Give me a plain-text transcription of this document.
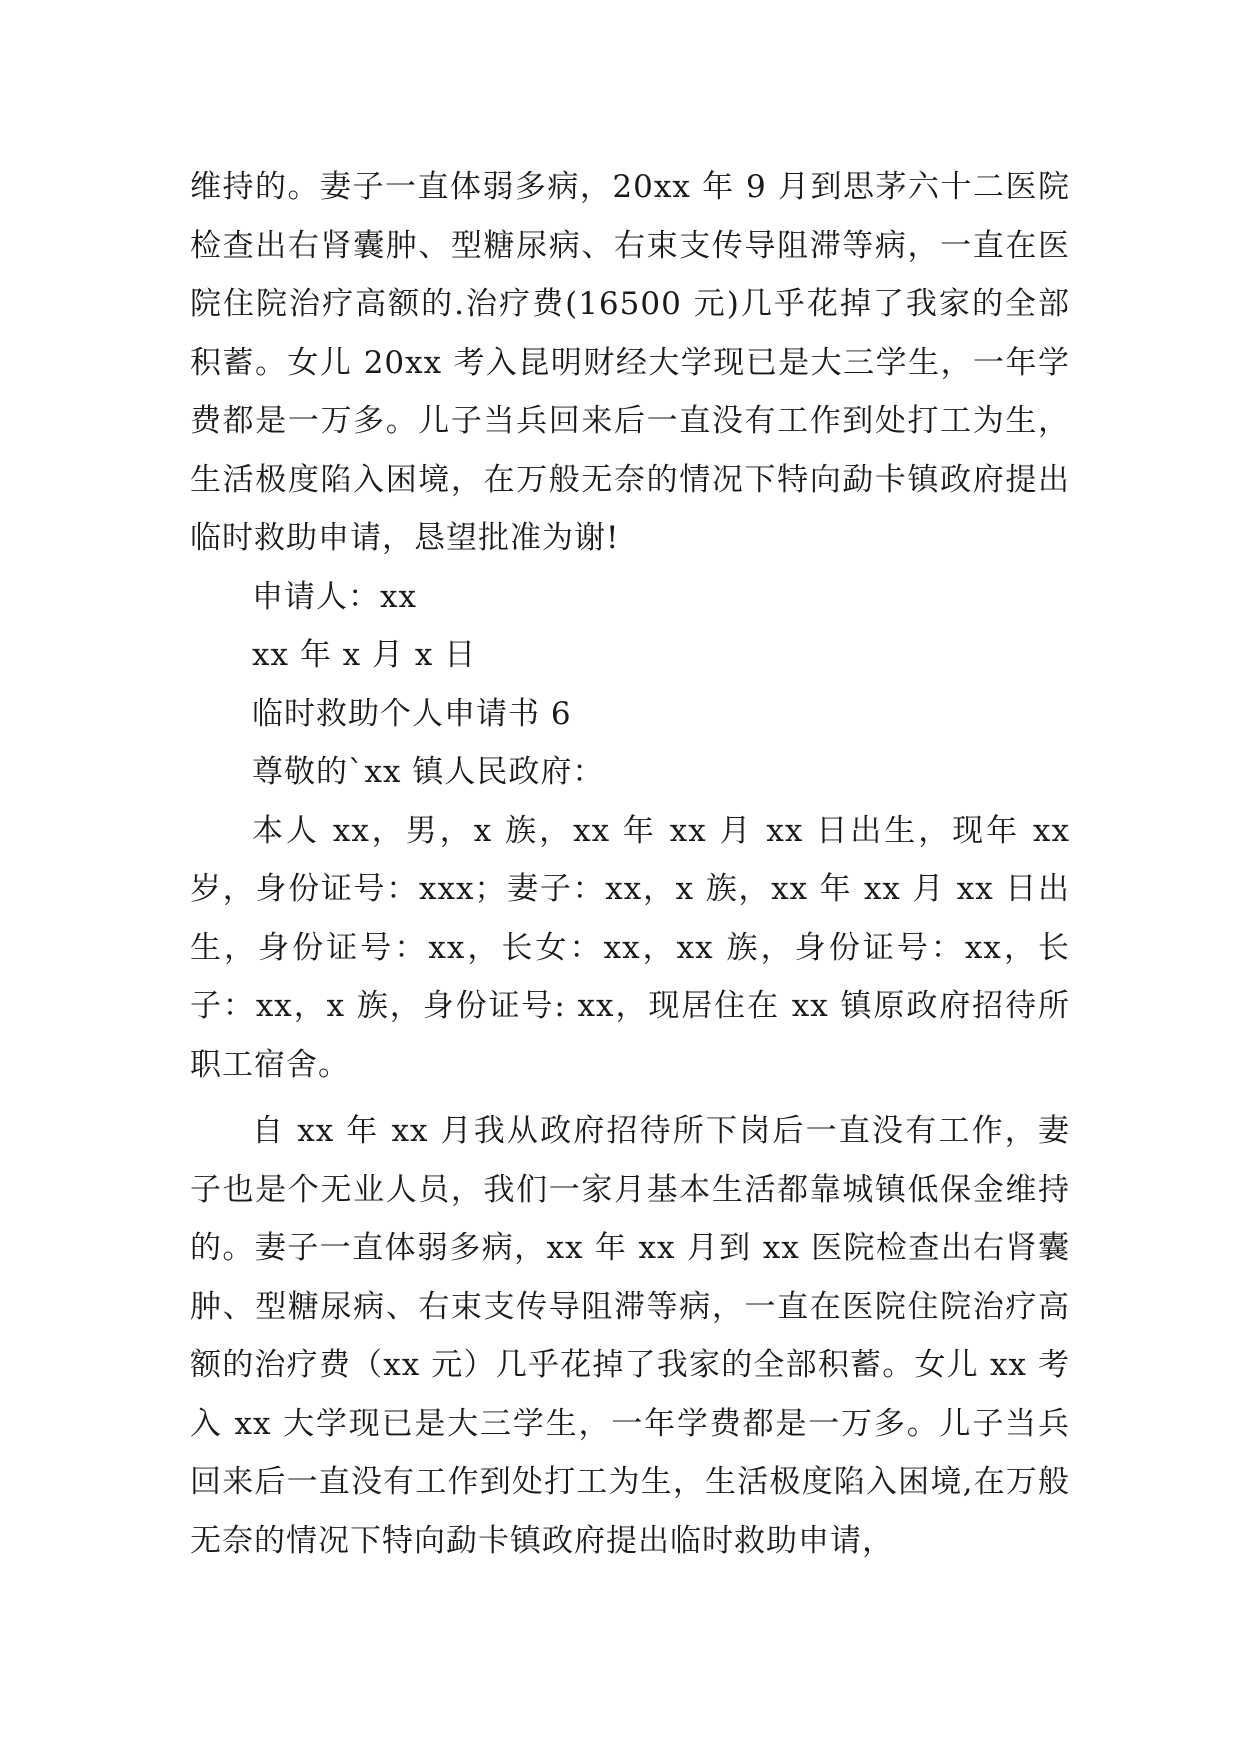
维持的。妻子一直体弱多病，20xx 年 9 月到思茅六十二医院检查出右肾囊肿、型糖尿病、右束支传导阻滞等病，一直在医院住院治疗高额的.治疗费(16500 元)几乎花掉了我家的全部积蓄。女儿 20xx 考入昆明财经大学现已是大三学生，一年学费都是一万多。儿子当兵回来后一直没有工作到处打工为生，生活极度陷入困境，在万般无奈的情况下特向勐卡镇政府提出临时救助申请，恳望批准为谢!

申请人：xx

xx 年 x 月 x 日

临时救助个人申请书 6

尊敬的`xx 镇人民政府：

本人 xx，男，x 族，xx 年 xx 月 xx 日出生，现年 xx 岁，身份证号：xxx；妻子：xx，x 族，xx 年 xx 月 xx 日出生，身份证号：xx，长女：xx，xx 族，身份证号：xx，长子：xx，x 族，身份证号: xx，现居住在 xx 镇原政府招待所职工宿舍。

自 xx 年 xx 月我从政府招待所下岗后一直没有工作，妻子也是个无业人员，我们一家月基本生活都靠城镇低保金维持的。妻子一直体弱多病，xx 年 xx 月到 xx 医院检查出右肾囊肿、型糖尿病、右束支传导阻滞等病，一直在医院住院治疗高额的治疗费（xx 元）几乎花掉了我家的全部积蓄。女儿 xx 考入 xx 大学现已是大三学生，一年学费都是一万多。儿子当兵回来后一直没有工作到处打工为生，生活极度陷入困境,在万般无奈的情况下特向勐卡镇政府提出临时救助申请，
